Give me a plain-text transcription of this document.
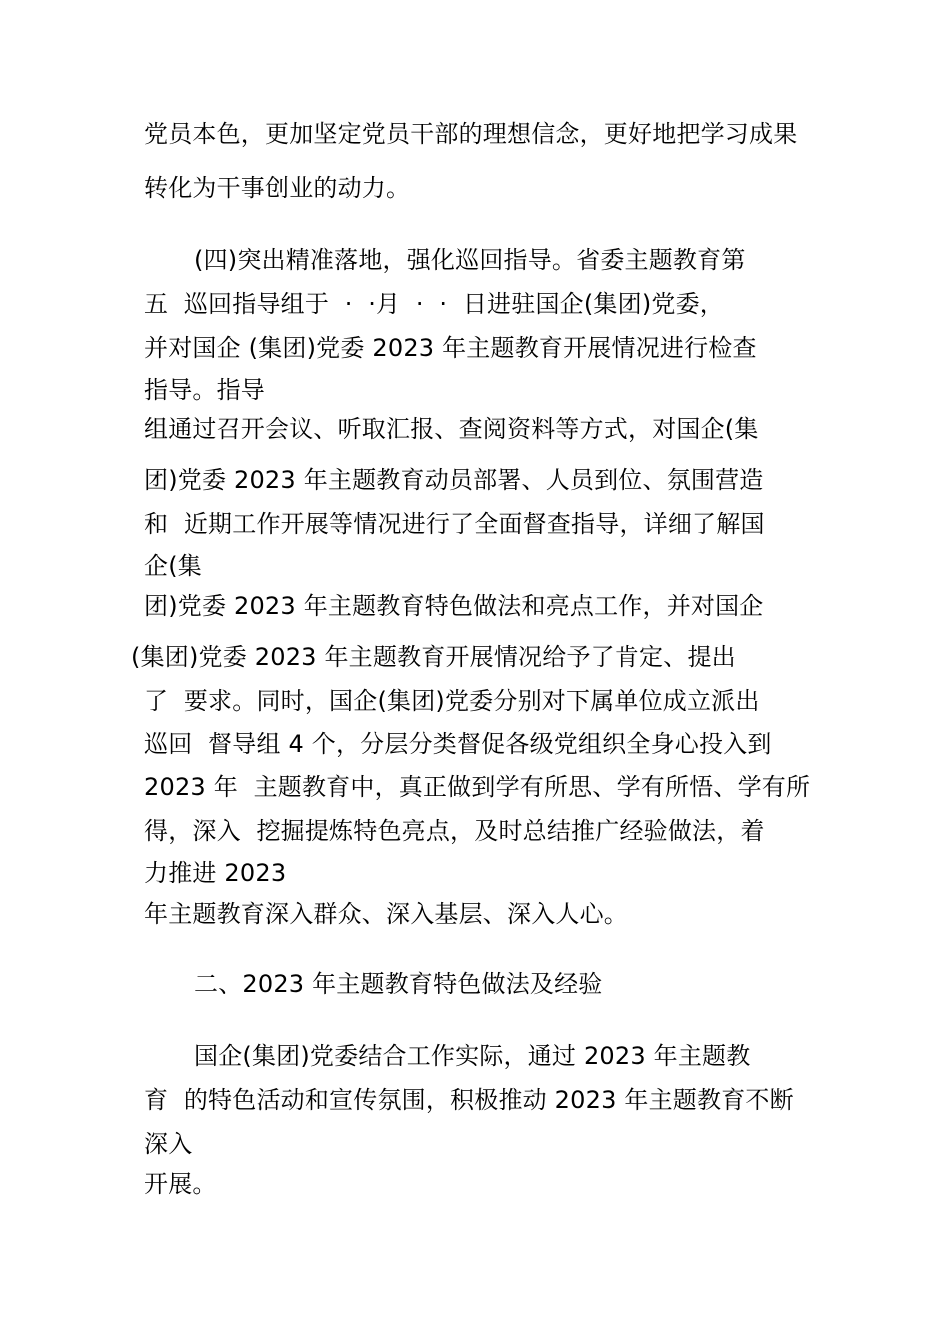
党员本色，更加坚定党员干部的理想信念，更好地把学习成果
转化为干事创业的动力。
(四)突出精准落地，强化巡回指导。省委主题教育第
五  巡回指导组于  ·  ·月  ·  ·  日进驻国企(集团)党委，
并对国企 (集团)党委 2023 年主题教育开展情况进行检查
指导。指导
组通过召开会议、听取汇报、查阅资料等方式，对国企(集
团)党委 2023 年主题教育动员部署、人员到位、氛围营造
和  近期工作开展等情况进行了全面督查指导，详细了解国
企(集
团)党委 2023 年主题教育特色做法和亮点工作，并对国企
(集团)党委 2023 年主题教育开展情况给予了肯定、提出
了  要求。同时，国企(集团)党委分别对下属单位成立派出
巡回  督导组 4 个，分层分类督促各级党组织全身心投入到
2023 年  主题教育中，真正做到学有所思、学有所悟、学有所
得，深入  挖掘提炼特色亮点，及时总结推广经验做法，着
力推进 2023
年主题教育深入群众、深入基层、深入人心。
二、2023 年主题教育特色做法及经验
国企(集团)党委结合工作实际，通过 2023 年主题教
育  的特色活动和宣传氛围，积极推动 2023 年主题教育不断
深入
开展。
